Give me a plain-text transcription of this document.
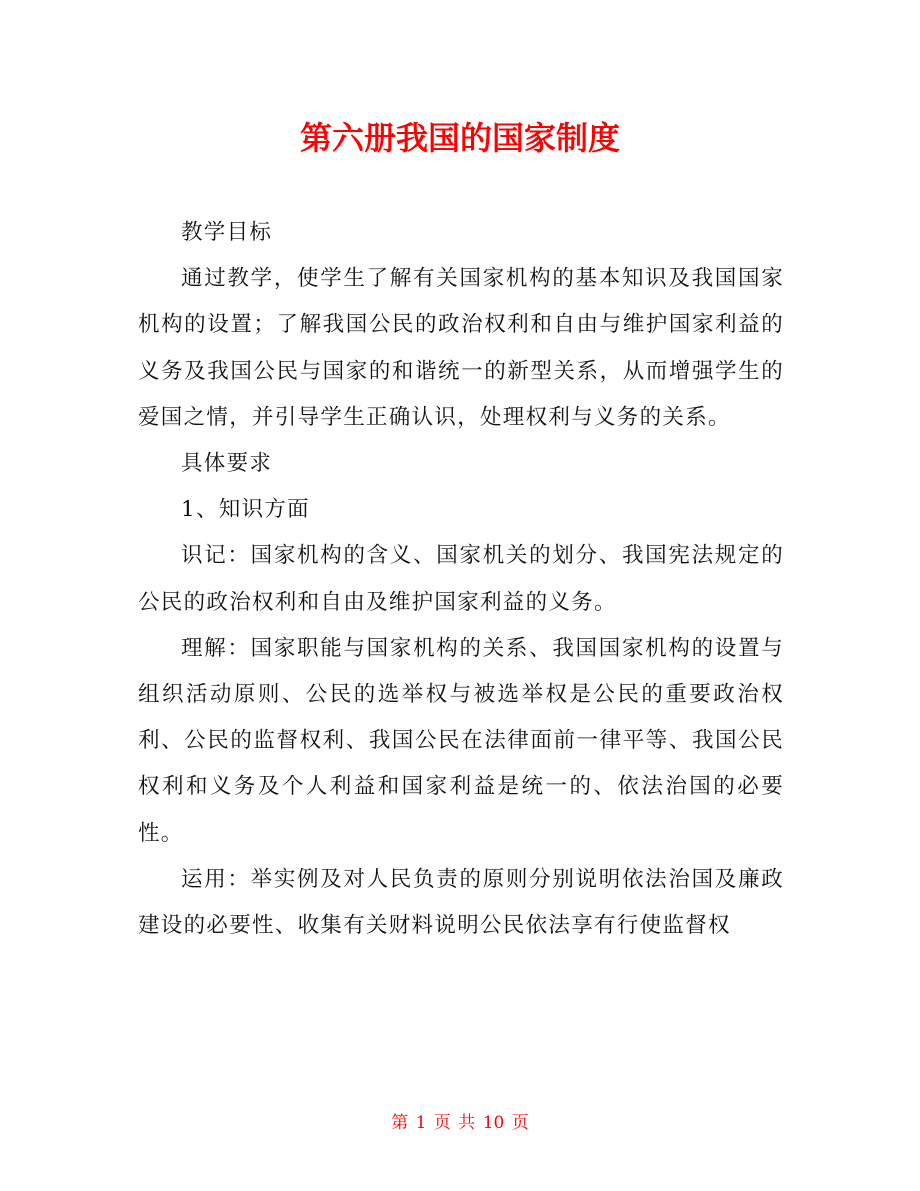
第六册我国的国家制度

教学目标

通过教学，使学生了解有关国家机构的基本知识及我国国家机构的设置；了解我国公民的政治权利和自由与维护国家利益的义务及我国公民与国家的和谐统一的新型关系，从而增强学生的爱国之情，并引导学生正确认识，处理权利与义务的关系。

具体要求

1、知识方面

识记：国家机构的含义、国家机关的划分、我国宪法规定的公民的政治权利和自由及维护国家利益的义务。

理解：国家职能与国家机构的关系、我国国家机构的设置与组织活动原则、公民的选举权与被选举权是公民的重要政治权利、公民的监督权利、我国公民在法律面前一律平等、我国公民权利和义务及个人利益和国家利益是统一的、依法治国的必要性。

运用：举实例及对人民负责的原则分别说明依法治国及廉政建设的必要性、收集有关财料说明公民依法享有行使监督权

第 1 页 共 10 页
